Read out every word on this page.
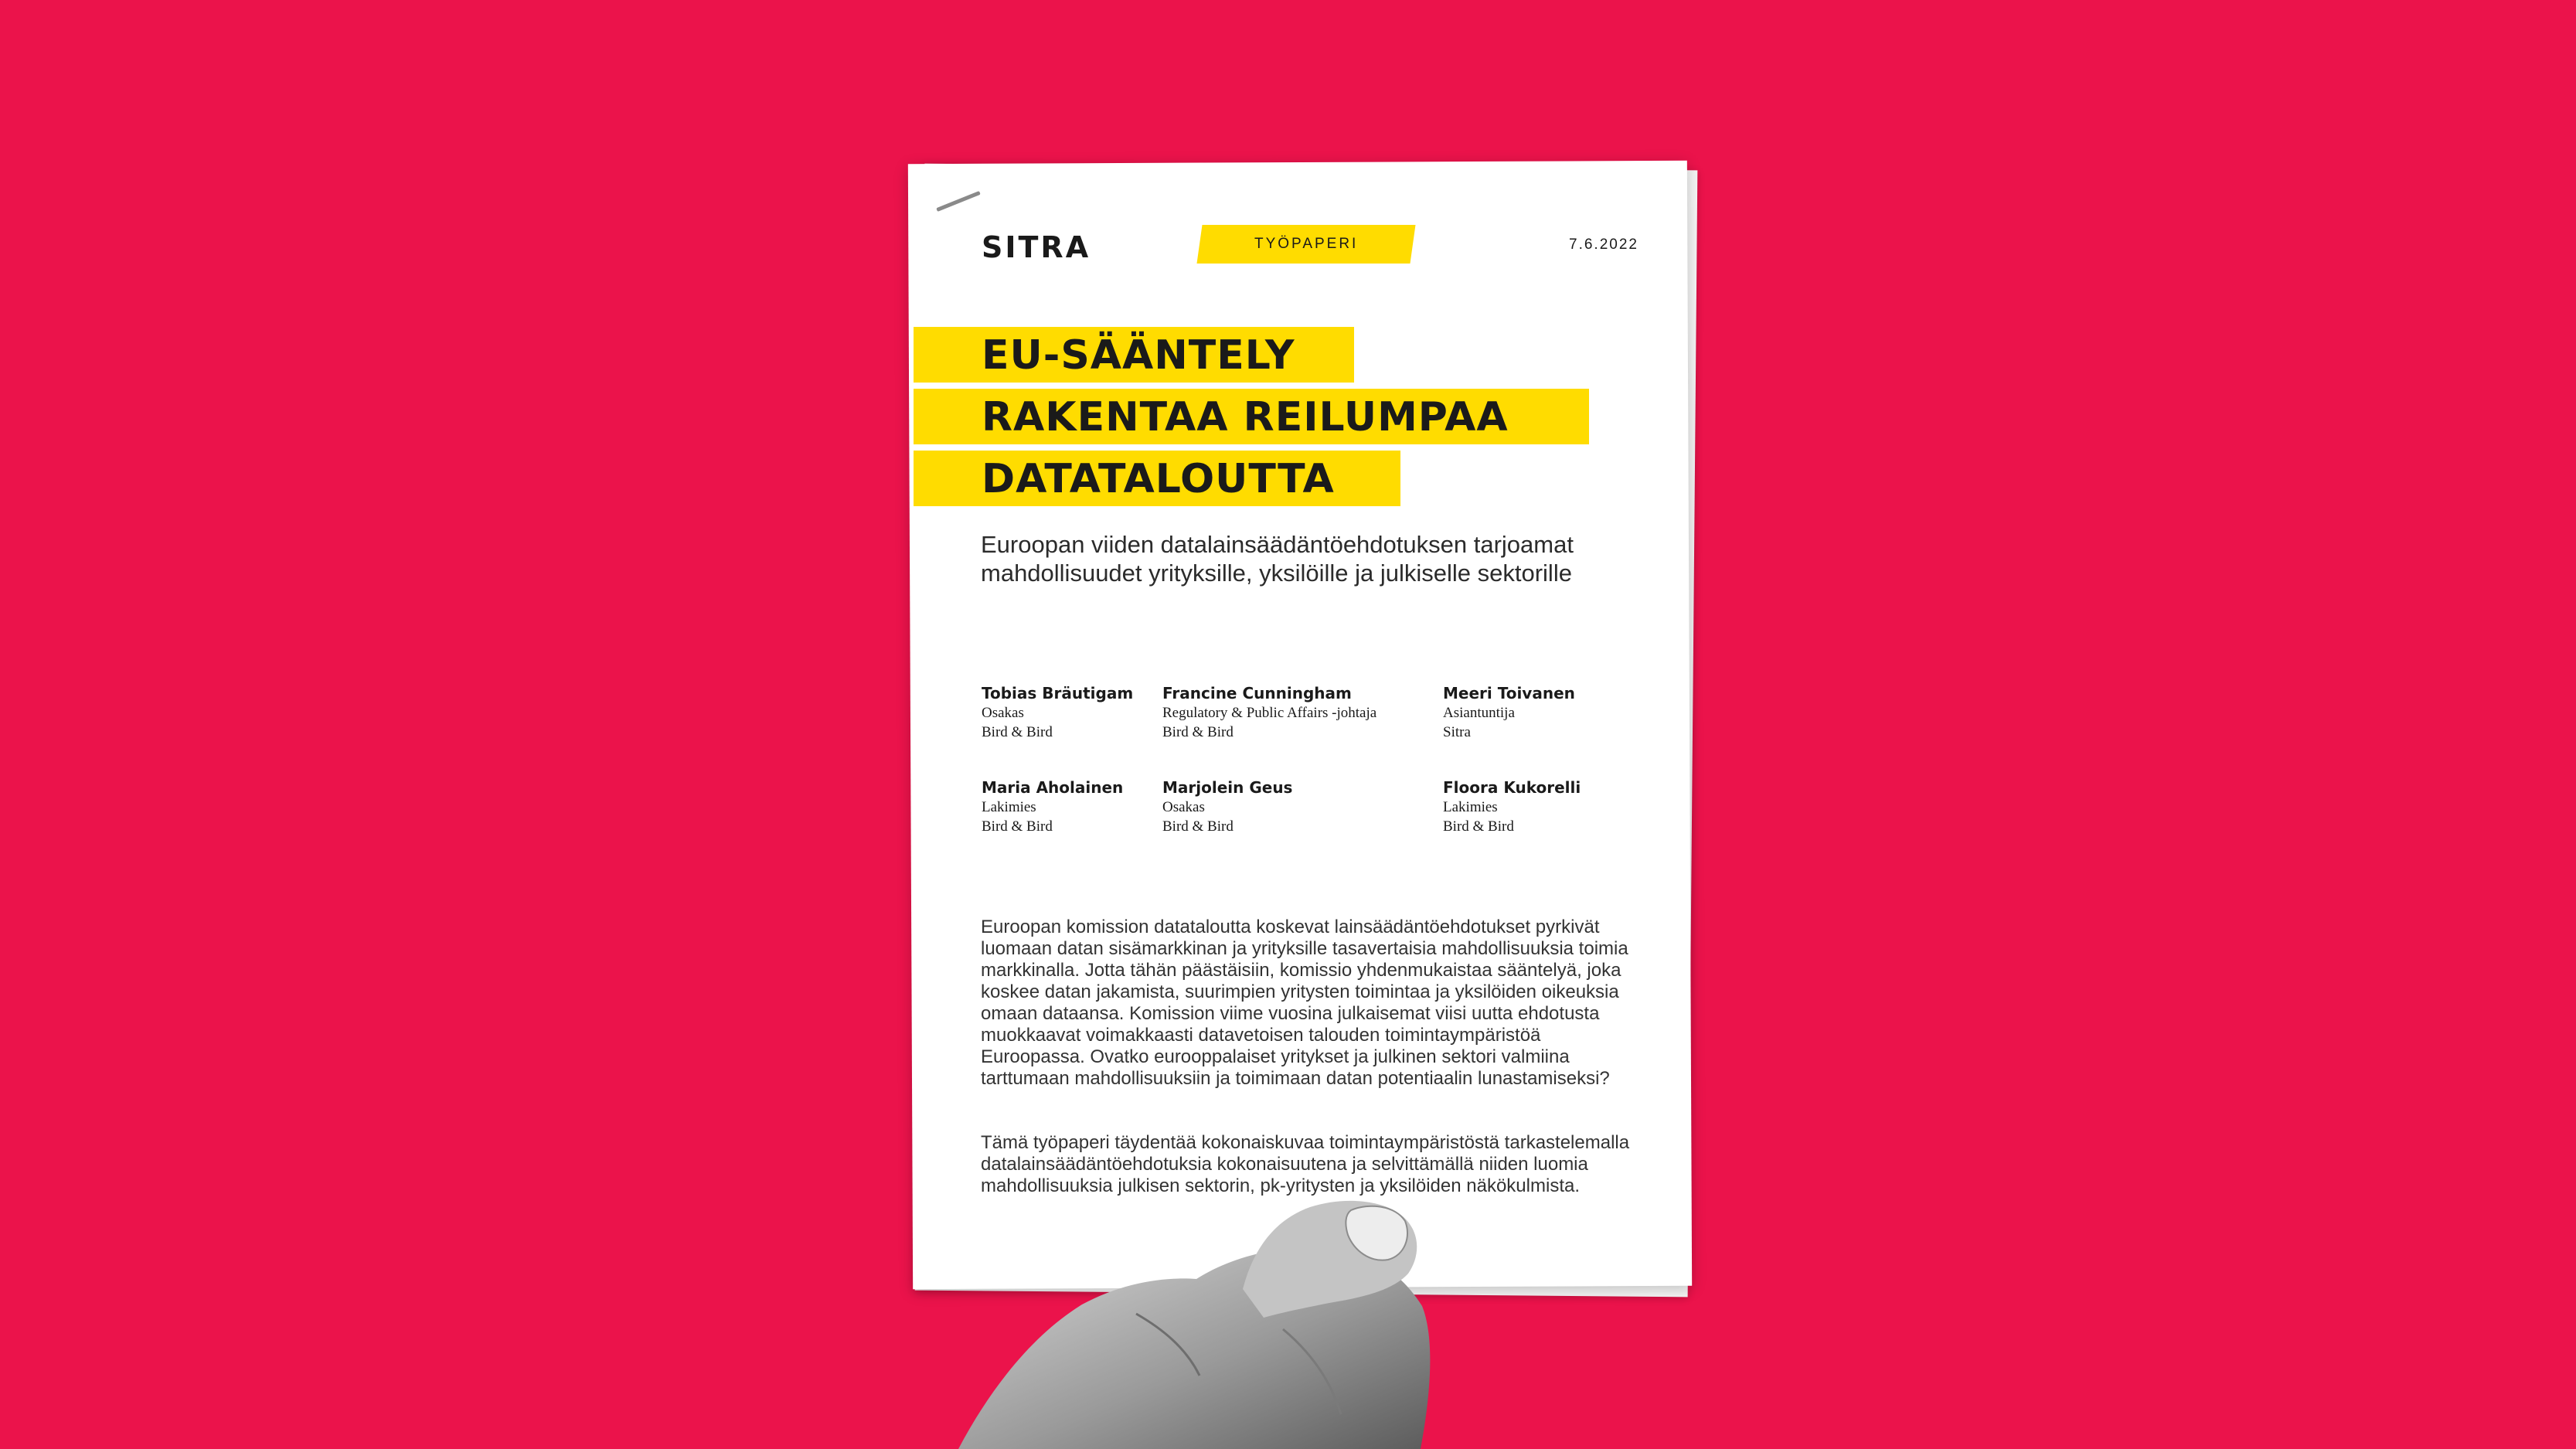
SITRA	TYÖPAPERI	7.6.2022
EU-SÄÄNTELY
RAKENTAA REILUMPAA
DATATALOUTTA
Euroopan viiden datalainsäädäntöehdotuksen tarjoamat mahdollisuudet yrityksille, yksilöille ja julkiselle sektorille
Tobias Bräutigam
Osakas
Bird & Bird
Francine Cunningham
Regulatory & Public Affairs -johtaja
Bird & Bird
Meeri Toivanen
Asiantuntija
Sitra
Maria Aholainen
Lakimies
Bird & Bird
Marjolein Geus
Osakas
Bird & Bird
Floora Kukorelli
Lakimies
Bird & Bird
Euroopan komission datataloutta koskevat lainsäädäntöehdotukset pyrkivät luomaan datan sisämarkkinan ja yrityksille tasavertaisia mahdollisuuksia toimia markkinalla. Jotta tähän päästäisiin, komissio yhdenmukaistaa sääntelyä, joka koskee datan jakamista, suurimpien yritysten toimintaa ja yksilöiden oikeuksia omaan dataansa. Komission viime vuosina julkaisemat viisi uutta ehdotusta muokkaavat voimakkaasti datavetoisen talouden toimintaympäristöä Euroopassa. Ovatko eurooppalaiset yritykset ja julkinen sektori valmiina tarttumaan mahdollisuuksiin ja toimimaan datan potentiaalin lunastamiseksi?
Tämä työpaperi täydentää kokonaiskuvaa toimintaympäristöstä tarkastelemalla datalainsäädäntöehdotuksia kokonaisuutena ja selvittämällä niiden luomia mahdollisuuksia julkisen sektorin, pk-yritysten ja yksilöiden näkökulmista.
